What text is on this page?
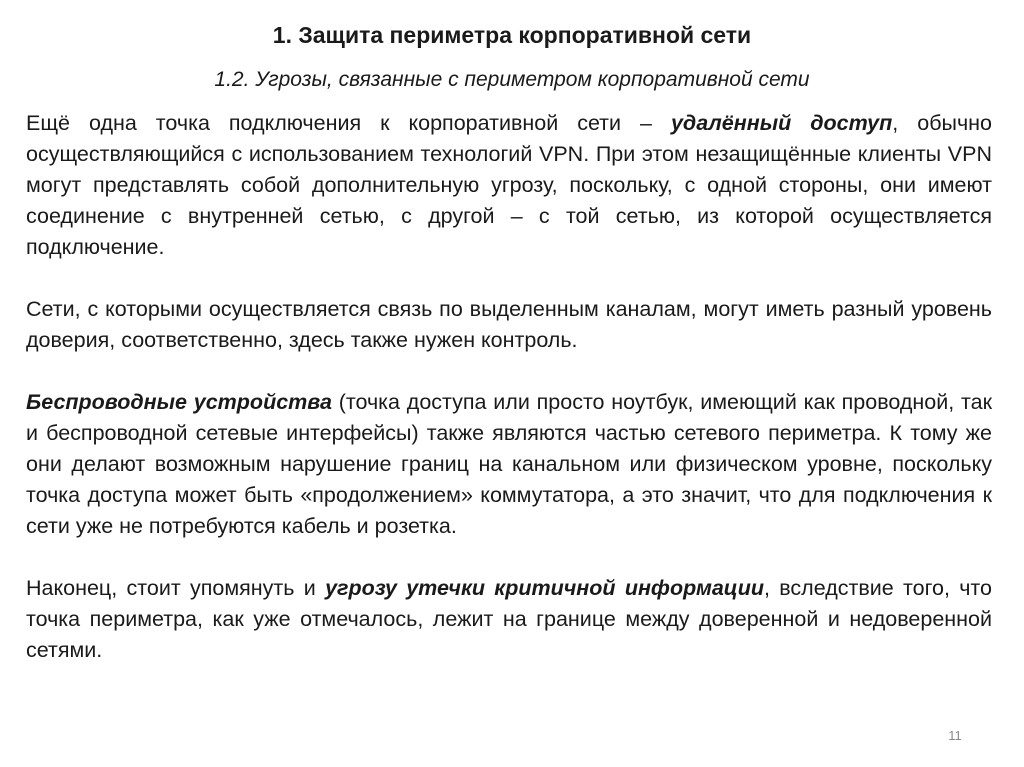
1. Защита периметра корпоративной сети
1.2. Угрозы, связанные с периметром корпоративной сети

Ещё одна точка подключения к корпоративной сети – удалённый доступ, обычно осуществляющийся с использованием технологий VPN. При этом незащищённые клиенты VPN могут представлять собой дополнительную угрозу, поскольку, с одной стороны, они имеют соединение с внутренней сетью, с другой – с той сетью, из которой осуществляется подключение.

Сети, с которыми осуществляется связь по выделенным каналам, могут иметь разный уровень доверия, соответственно, здесь также нужен контроль.

Беспроводные устройства (точка доступа или просто ноутбук, имеющий как проводной, так и беспроводной сетевые интерфейсы) также являются частью сетевого периметра. К тому же они делают возможным нарушение границ на канальном или физическом уровне, поскольку точка доступа может быть «продолжением» коммутатора, а это значит, что для подключения к сети уже не потребуются кабель и розетка.

Наконец, стоит упомянуть и угрозу утечки критичной информации, вследствие того, что точка периметра, как уже отмечалось, лежит на границе между доверенной и недоверенной сетями.

11
